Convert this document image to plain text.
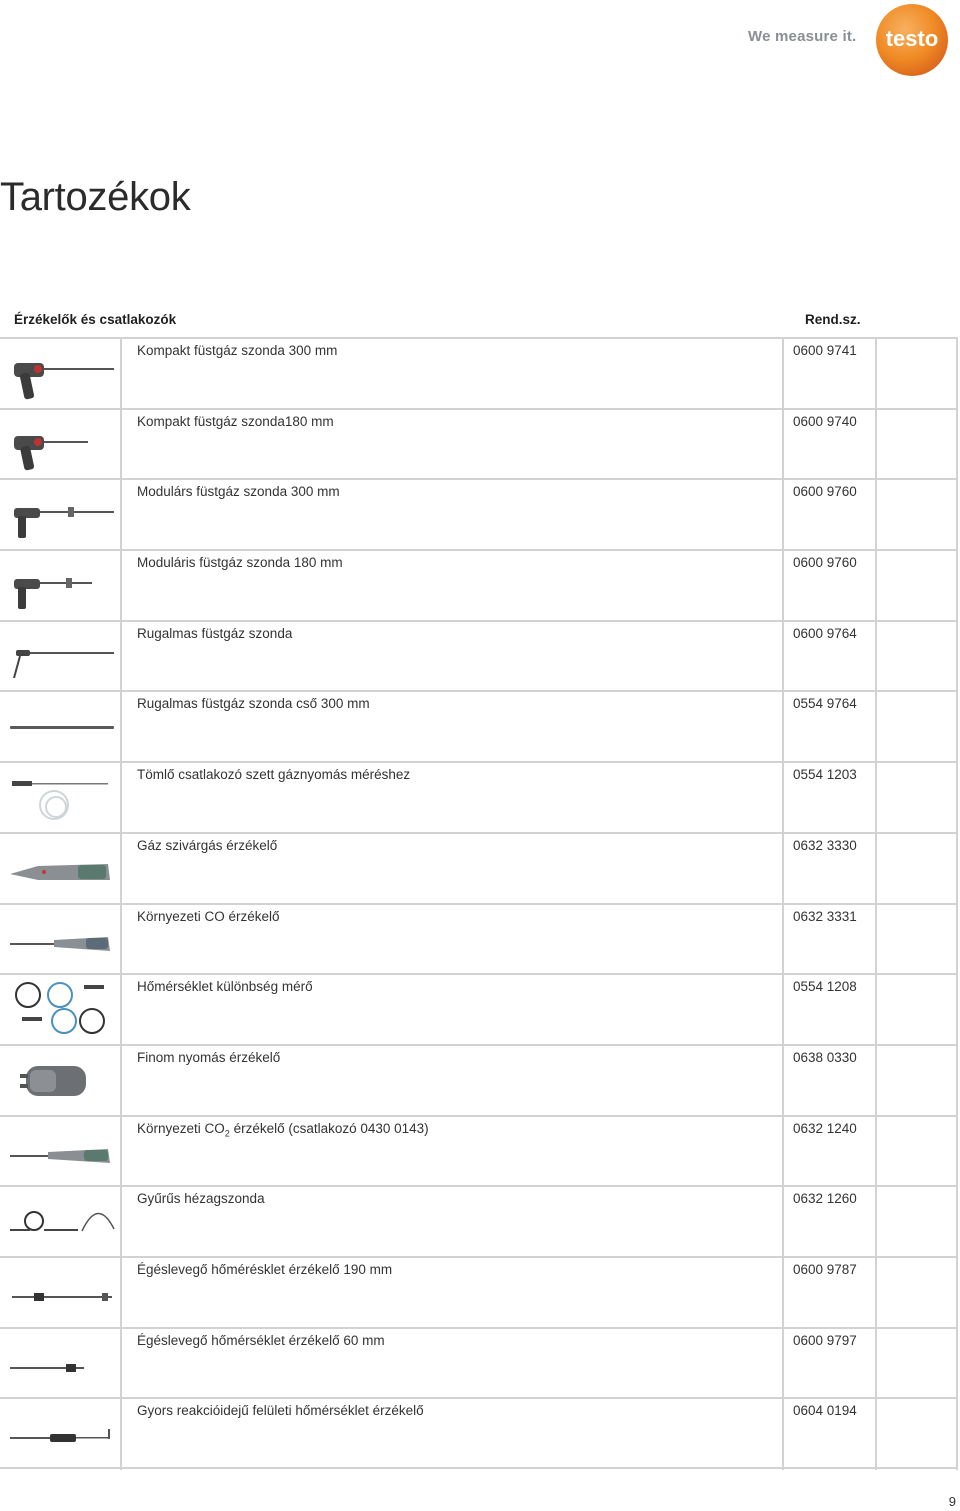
We measure it. testo
Tartozékok
Érzékelők és csatlakozók	Rend.sz.
Kompakt füstgáz szonda 300 mm	0600 9741
Kompakt füstgáz szonda180 mm	0600 9740
Modulárs füstgáz szonda 300 mm	0600 9760
Moduláris füstgáz szonda 180 mm	0600 9760
Rugalmas füstgáz szonda	0600 9764
Rugalmas füstgáz szonda cső 300 mm	0554 9764
Tömlő csatlakozó szett gáznyomás méréshez	0554 1203
Gáz szivárgás érzékelő	0632 3330
Környezeti CO érzékelő	0632 3331
Hőmérséklet különbség mérő	0554 1208
Finom nyomás érzékelő	0638 0330
Környezeti $CO_2$ érzékelő (csatlakozó 0430 0143)	0632 1240
Gyűrűs hézagszonda	0632 1260
Égéslevegő hőmérésklet érzékelő 190 mm	0600 9787
Égéslevegő hőmérséklet érzékelő 60 mm	0600 9797
Gyors reakcióidejű felületi hőmérséklet érzékelő	0604 0194
9
